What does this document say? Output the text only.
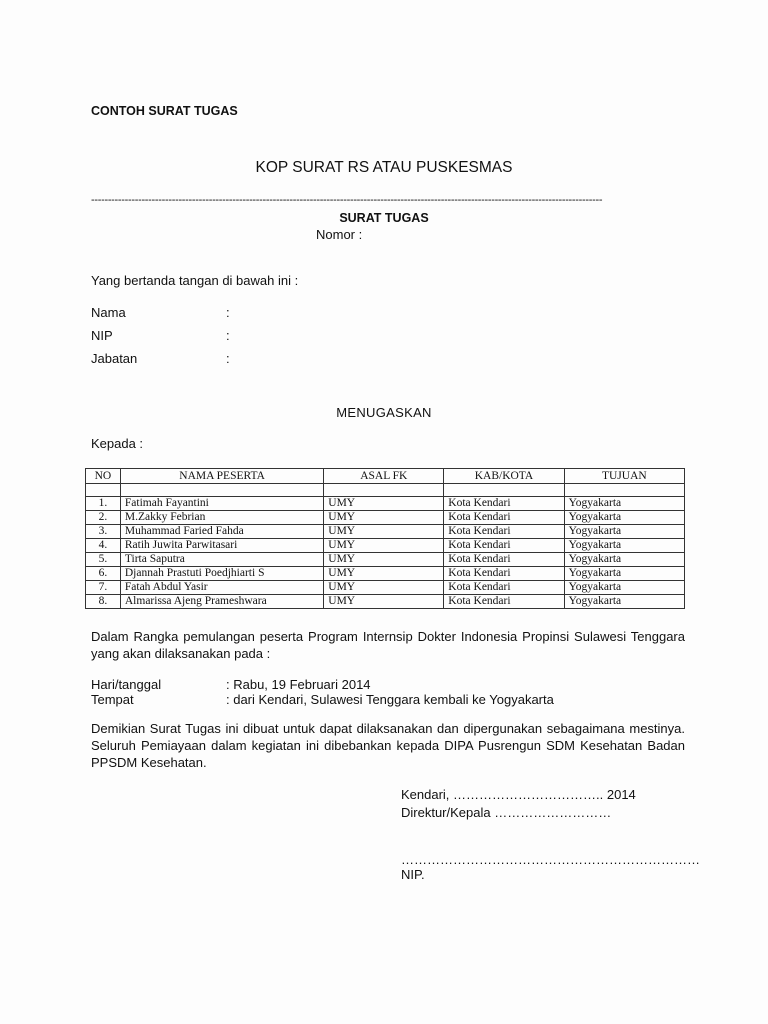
CONTOH SURAT TUGAS
KOP SURAT RS ATAU PUSKESMAS
--------------------------------------------------------------------------------------------------------------------------------------------------------
SURAT TUGAS
Nomor :
Yang bertanda tangan di bawah ini :
Nama	:
NIP	:
Jabatan	:
MENUGASKAN
Kepada :
NO	NAMA PESERTA	ASAL FK	KAB/KOTA	TUJUAN

1.	Fatimah Fayantini	UMY	Kota Kendari	Yogyakarta
2.	M.Zakky Febrian	UMY	Kota Kendari	Yogyakarta
3.	Muhammad Faried Fahda	UMY	Kota Kendari	Yogyakarta
4.	Ratih Juwita Parwitasari	UMY	Kota Kendari	Yogyakarta
5.	Tirta Saputra	UMY	Kota Kendari	Yogyakarta
6.	Djannah Prastuti Poedjhiarti S	UMY	Kota Kendari	Yogyakarta
7.	Fatah Abdul Yasir	UMY	Kota Kendari	Yogyakarta
8.	Almarissa Ajeng Prameshwara	UMY	Kota Kendari	Yogyakarta
Dalam Rangka pemulangan peserta Program Internsip Dokter Indonesia Propinsi Sulawesi Tenggara yang akan dilaksanakan pada :
Hari/tanggal	: Rabu, 19 Februari 2014
Tempat	: dari Kendari, Sulawesi Tenggara kembali ke Yogyakarta
Demikian Surat Tugas ini dibuat untuk dapat dilaksanakan dan dipergunakan sebagaimana mestinya. Seluruh Pemiayaan dalam kegiatan ini dibebankan kepada DIPA Pusrengun SDM Kesehatan Badan PPSDM Kesehatan.
Kendari, …………………………….. 2014
Direktur/Kepala ………………………
……………………………………………………………
NIP.
